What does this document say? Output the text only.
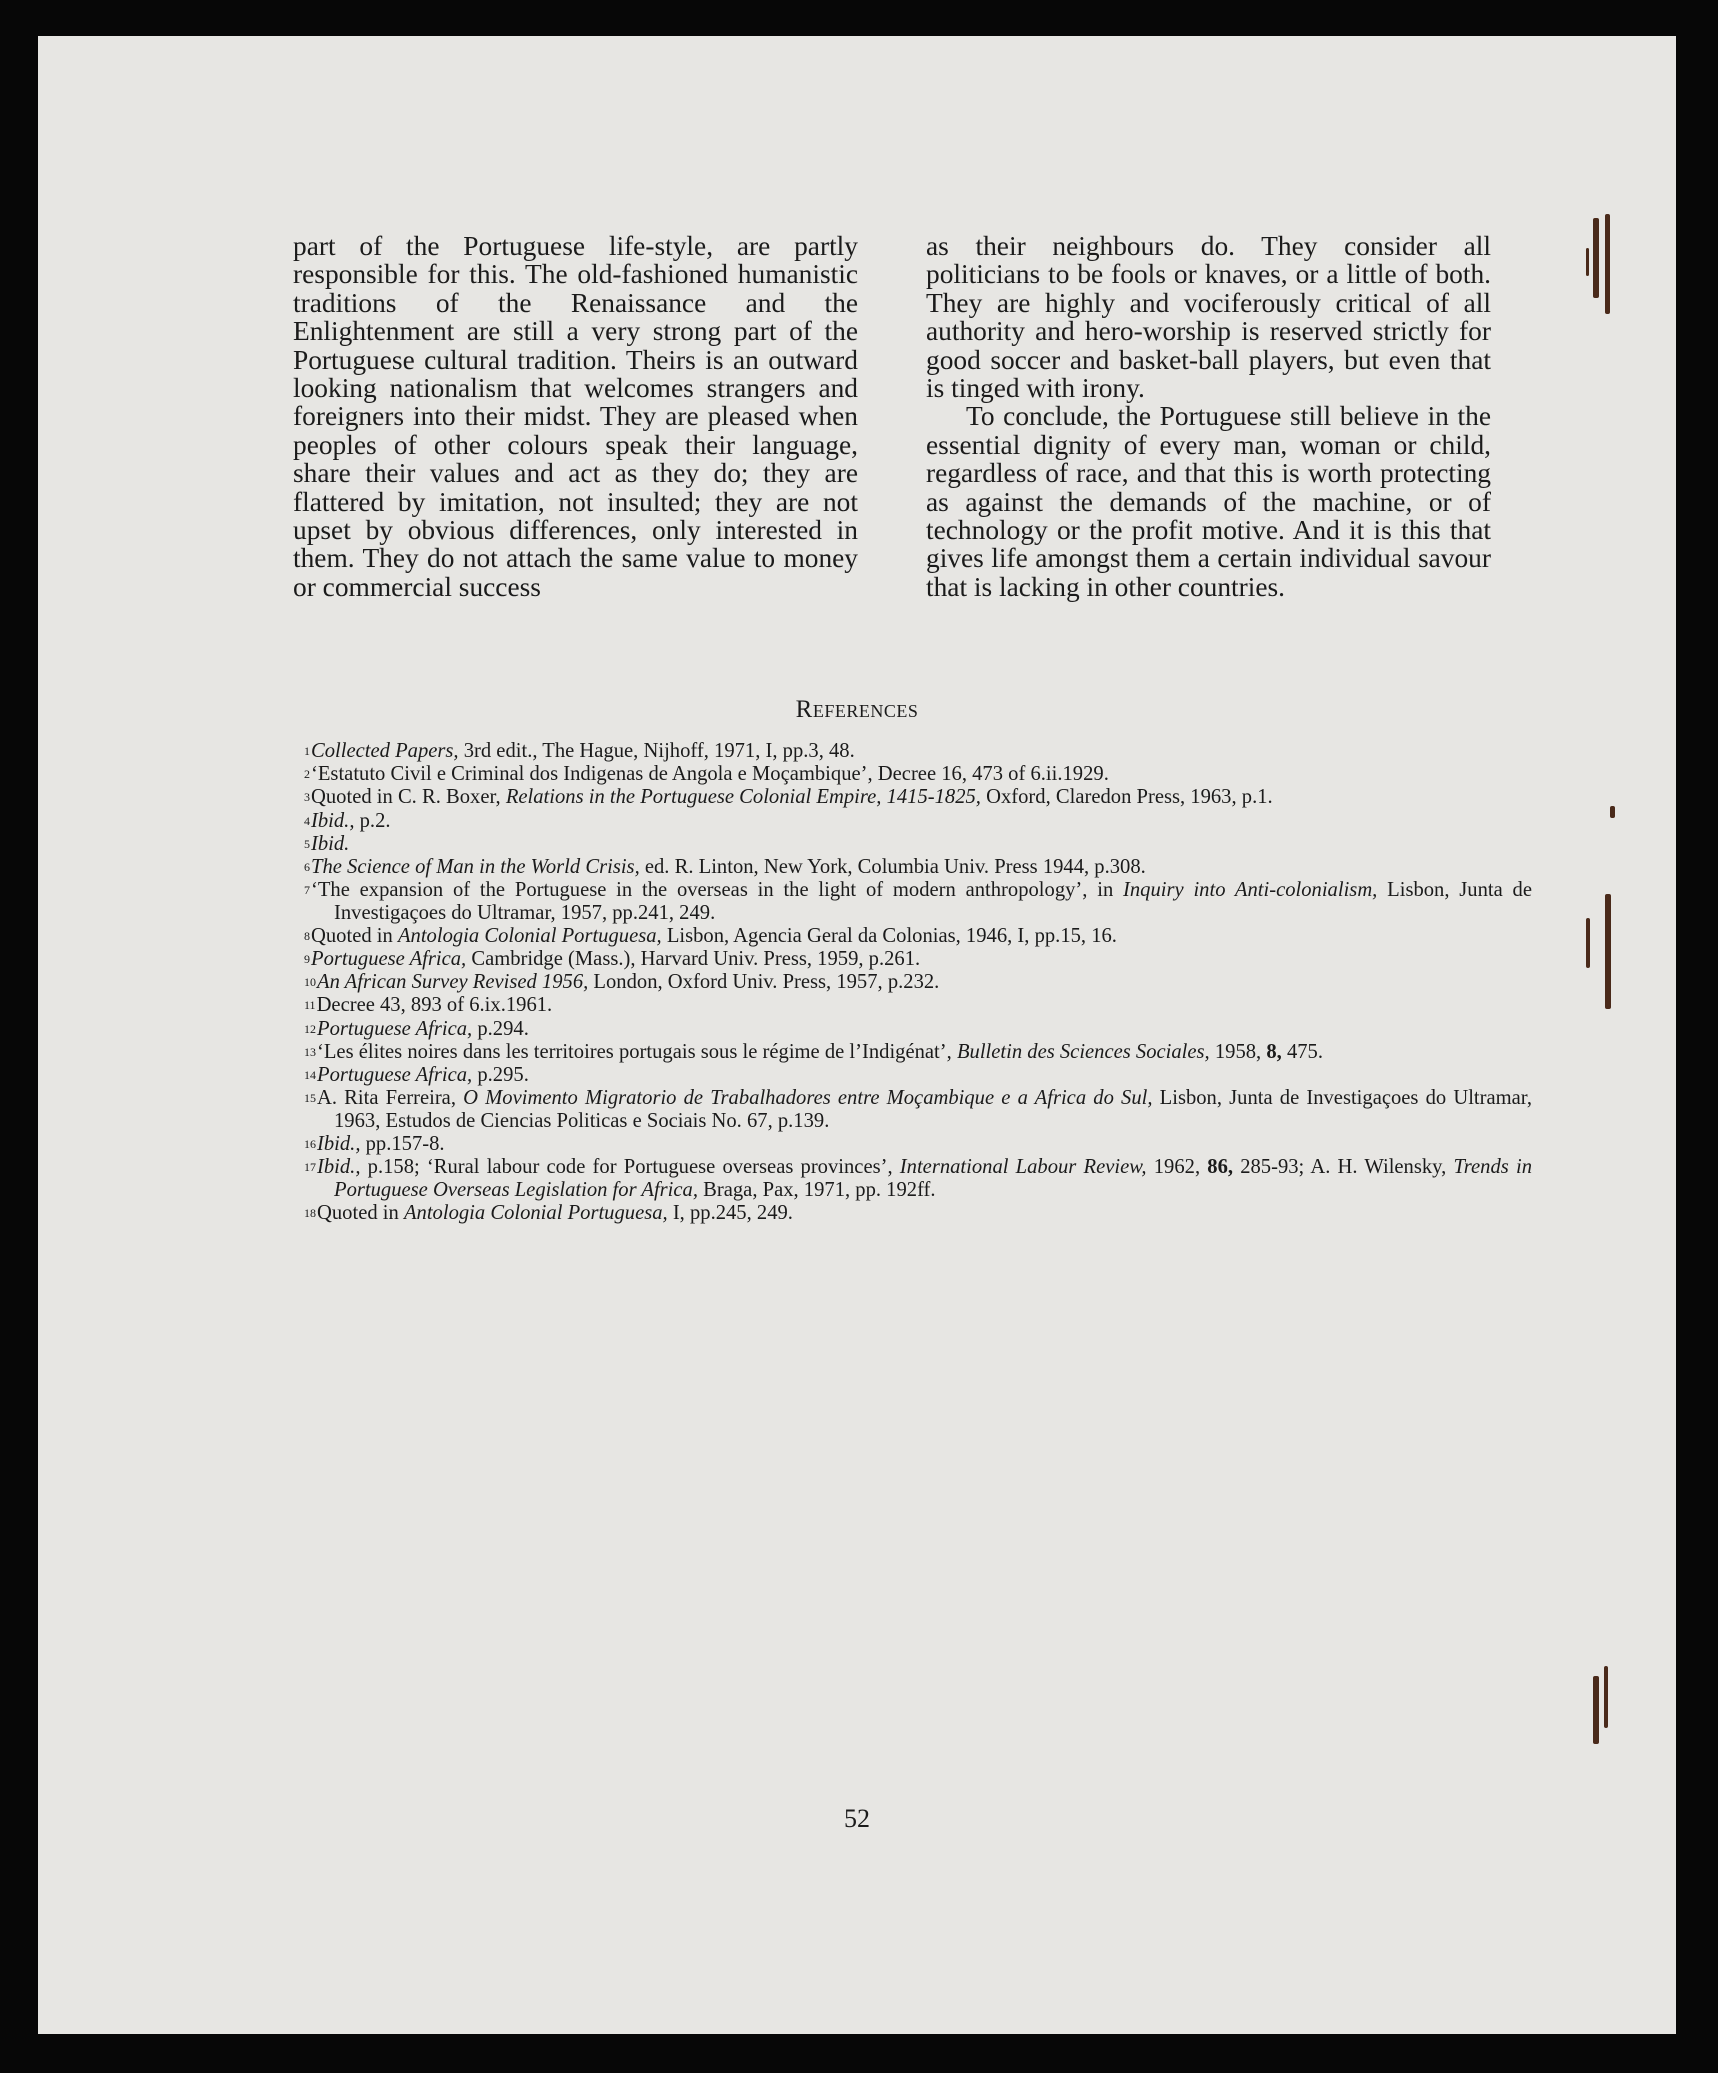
part of the Portuguese life-style, are partly responsible for this. The old-fashioned humanistic traditions of the Renaissance and the Enlightenment are still a very strong part of the Portuguese cultural tradition. Theirs is an outward looking nationalism that welcomes strangers and foreigners into their midst. They are pleased when peoples of other colours speak their language, share their values and act as they do; they are flattered by imitation, not insulted; they are not upset by obvious differences, only interested in them. They do not attach the same value to money or commercial success

as their neighbours do. They consider all politicians to be fools or knaves, or a little of both. They are highly and vociferously critical of all authority and hero-worship is reserved strictly for good soccer and basket-ball players, but even that is tinged with irony.

To conclude, the Portuguese still believe in the essential dignity of every man, woman or child, regardless of race, and that this is worth protecting as against the demands of the machine, or of technology or the profit motive. And it is this that gives life amongst them a certain individual savour that is lacking in other countries.

References
$^1$Collected Papers, 3rd edit., The Hague, Nijhoff, 1971, I, pp.3, 48.
$^2$‘Estatuto Civil e Criminal dos Indigenas de Angola e Moçambique’, Decree 16, 473 of 6.ii.1929.
$^3$Quoted in C. R. Boxer, Relations in the Portuguese Colonial Empire, 1415-1825, Oxford, Claredon Press, 1963, p.1.
$^4$Ibid., p.2.
$^5$Ibid.
$^6$The Science of Man in the World Crisis, ed. R. Linton, New York, Columbia Univ. Press 1944, p.308.
$^7$‘The expansion of the Portuguese in the overseas in the light of modern anthropology’, in Inquiry into Anti-colonialism, Lisbon, Junta de Investigaçoes do Ultramar, 1957, pp.241, 249.
$^8$Quoted in Antologia Colonial Portuguesa, Lisbon, Agencia Geral da Colonias, 1946, I, pp.15, 16.
$^9$Portuguese Africa, Cambridge (Mass.), Harvard Univ. Press, 1959, p.261.
$^{10}$An African Survey Revised 1956, London, Oxford Univ. Press, 1957, p.232.
$^{11}$Decree 43, 893 of 6.ix.1961.
$^{12}$Portuguese Africa, p.294.
$^{13}$‘Les élites noires dans les territoires portugais sous le régime de l’Indigénat’, Bulletin des Sciences Sociales, 1958, 8, 475.
$^{14}$Portuguese Africa, p.295.
$^{15}$A. Rita Ferreira, O Movimento Migratorio de Trabalhadores entre Moçambique e a Africa do Sul, Lisbon, Junta de Investigaçoes do Ultramar, 1963, Estudos de Ciencias Politicas e Sociais No. 67, p.139.
$^{16}$Ibid., pp.157-8.
$^{17}$Ibid., p.158; ‘Rural labour code for Portuguese overseas provinces’, International Labour Review, 1962, 86, 285-93; A. H. Wilensky, Trends in Portuguese Overseas Legislation for Africa, Braga, Pax, 1971, pp. 192ff.
$^{18}$Quoted in Antologia Colonial Portuguesa, I, pp.245, 249.
52
